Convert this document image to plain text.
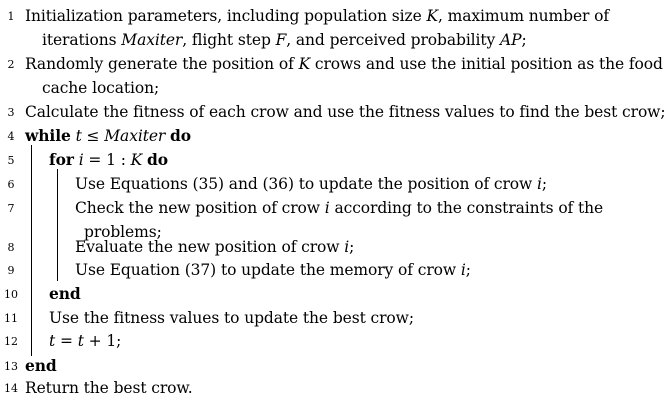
1 Initialization parameters, including population size K, maximum number of
iterations Maxiter, flight step F, and perceived probability AP;
2 Randomly generate the position of K crows and use the initial position as the food
cache location;
3 Calculate the fitness of each crow and use the fitness values to find the best crow;
4 while t ≤ Maxiter do
5 for i = 1 : K do
6	Use Equations (35) and (36) to update the position of crow i;
7	Check the new position of crow i according to the constraints of the
problems;
8	Evaluate the new position of crow i;
9	Use Equation (37) to update the memory of crow i;
10 end
11 Use the fitness values to update the best crow;
12 t = t + 1;
13 end
14 Return the best crow.
